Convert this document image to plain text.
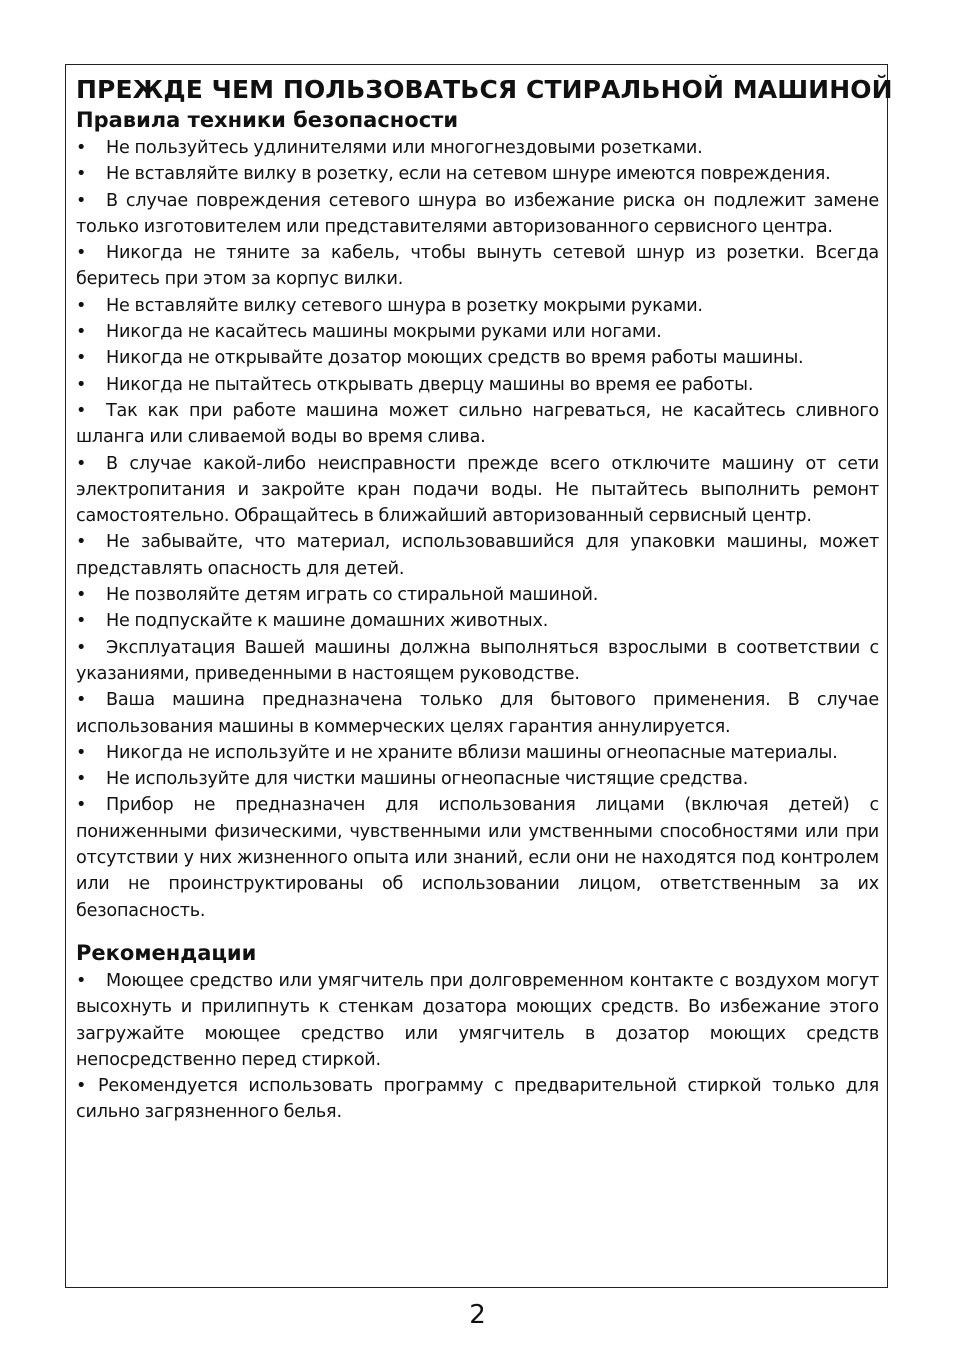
ПРЕЖДЕ ЧЕМ ПОЛЬЗОВАТЬСЯ СТИРАЛЬНОЙ МАШИНОЙ
Правила техники безопасности
• Не пользуйтесь удлинителями или многогнездовыми розетками.
• Не вставляйте вилку в розетку, если на сетевом шнуре имеются повреждения.
• В случае повреждения сетевого шнура во избежание риска он подлежит замене только изготовителем или представителями авторизованного сервисного центра.
• Никогда не тяните за кабель, чтобы вынуть сетевой шнур из розетки. Всегда беритесь при этом за корпус вилки.
• Не вставляйте вилку сетевого шнура в розетку мокрыми руками.
• Никогда не касайтесь машины мокрыми руками или ногами.
• Никогда не открывайте дозатор моющих средств во время работы машины.
• Никогда не пытайтесь открывать дверцу машины во время ее работы.
• Так как при работе машина может сильно нагреваться, не касайтесь сливного шланга или сливаемой воды во время слива.
• В случае какой-либо неисправности прежде всего отключите машину от сети электропитания и закройте кран подачи воды. Не пытайтесь выполнить ремонт самостоятельно. Обращайтесь в ближайший авторизованный сервисный центр.
• Не забывайте, что материал, использовавшийся для упаковки машины, может представлять опасность для детей.
• Не позволяйте детям играть со стиральной машиной.
• Не подпускайте к машине домашних животных.
• Эксплуатация Вашей машины должна выполняться взрослыми в соответствии с указаниями, приведенными в настоящем руководстве.
• Ваша машина предназначена только для бытового применения. В случае использования машины в коммерческих целях гарантия аннулируется.
• Никогда не используйте и не храните вблизи машины огнеопасные материалы.
• Не используйте для чистки машины огнеопасные чистящие средства.
• Прибор не предназначен для использования лицами (включая детей) с пониженными физическими, чувственными или умственными способностями или при отсутствии у них жизненного опыта или знаний, если они не находятся под контролем или не проинструктированы об использовании лицом, ответственным за их безопасность.
Рекомендации
• Моющее средство или умягчитель при долговременном контакте с воздухом могут высохнуть и прилипнуть к стенкам дозатора моющих средств. Во избежание этого загружайте моющее средство или умягчитель в дозатор моющих средств непосредственно перед стиркой.
• Рекомендуется использовать программу с предварительной стиркой только для сильно загрязненного белья.
2
